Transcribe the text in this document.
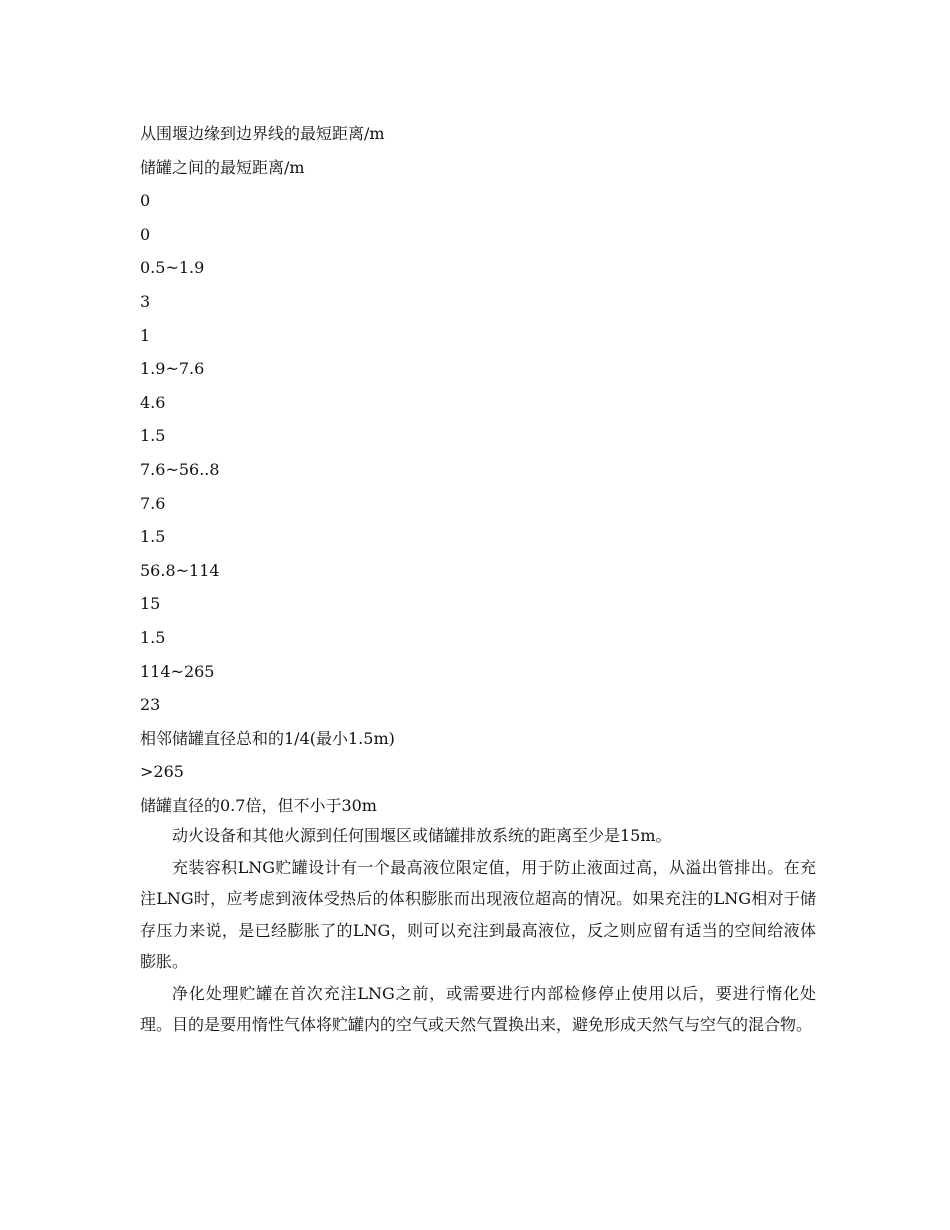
从围堰边缘到边界线的最短距离/m
储罐之间的最短距离/m
0
0
0.5~1.9
3
1
1.9~7.6
4.6
1.5
7.6~56..8
7.6
1.5
56.8~114
15
1.5
114~265
23
相邻储罐直径总和的1/4(最小1.5m)
>265
储罐直径的0.7倍，但不小于30m

动火设备和其他火源到任何围堰区或储罐排放系统的距离至少是15m。

充装容积LNG贮罐设计有一个最高液位限定值，用于防止液面过高，从溢出管排出。在充注LNG时，应考虑到液体受热后的体积膨胀而出现液位超高的情况。如果充注的LNG相对于储存压力来说，是已经膨胀了的LNG，则可以充注到最高液位，反之则应留有适当的空间给液体膨胀。

净化处理贮罐在首次充注LNG之前，或需要进行内部检修停止使用以后，要进行惰化处理。目的是要用惰性气体将贮罐内的空气或天然气置换出来，避免形成天然气与空气的混合物。
